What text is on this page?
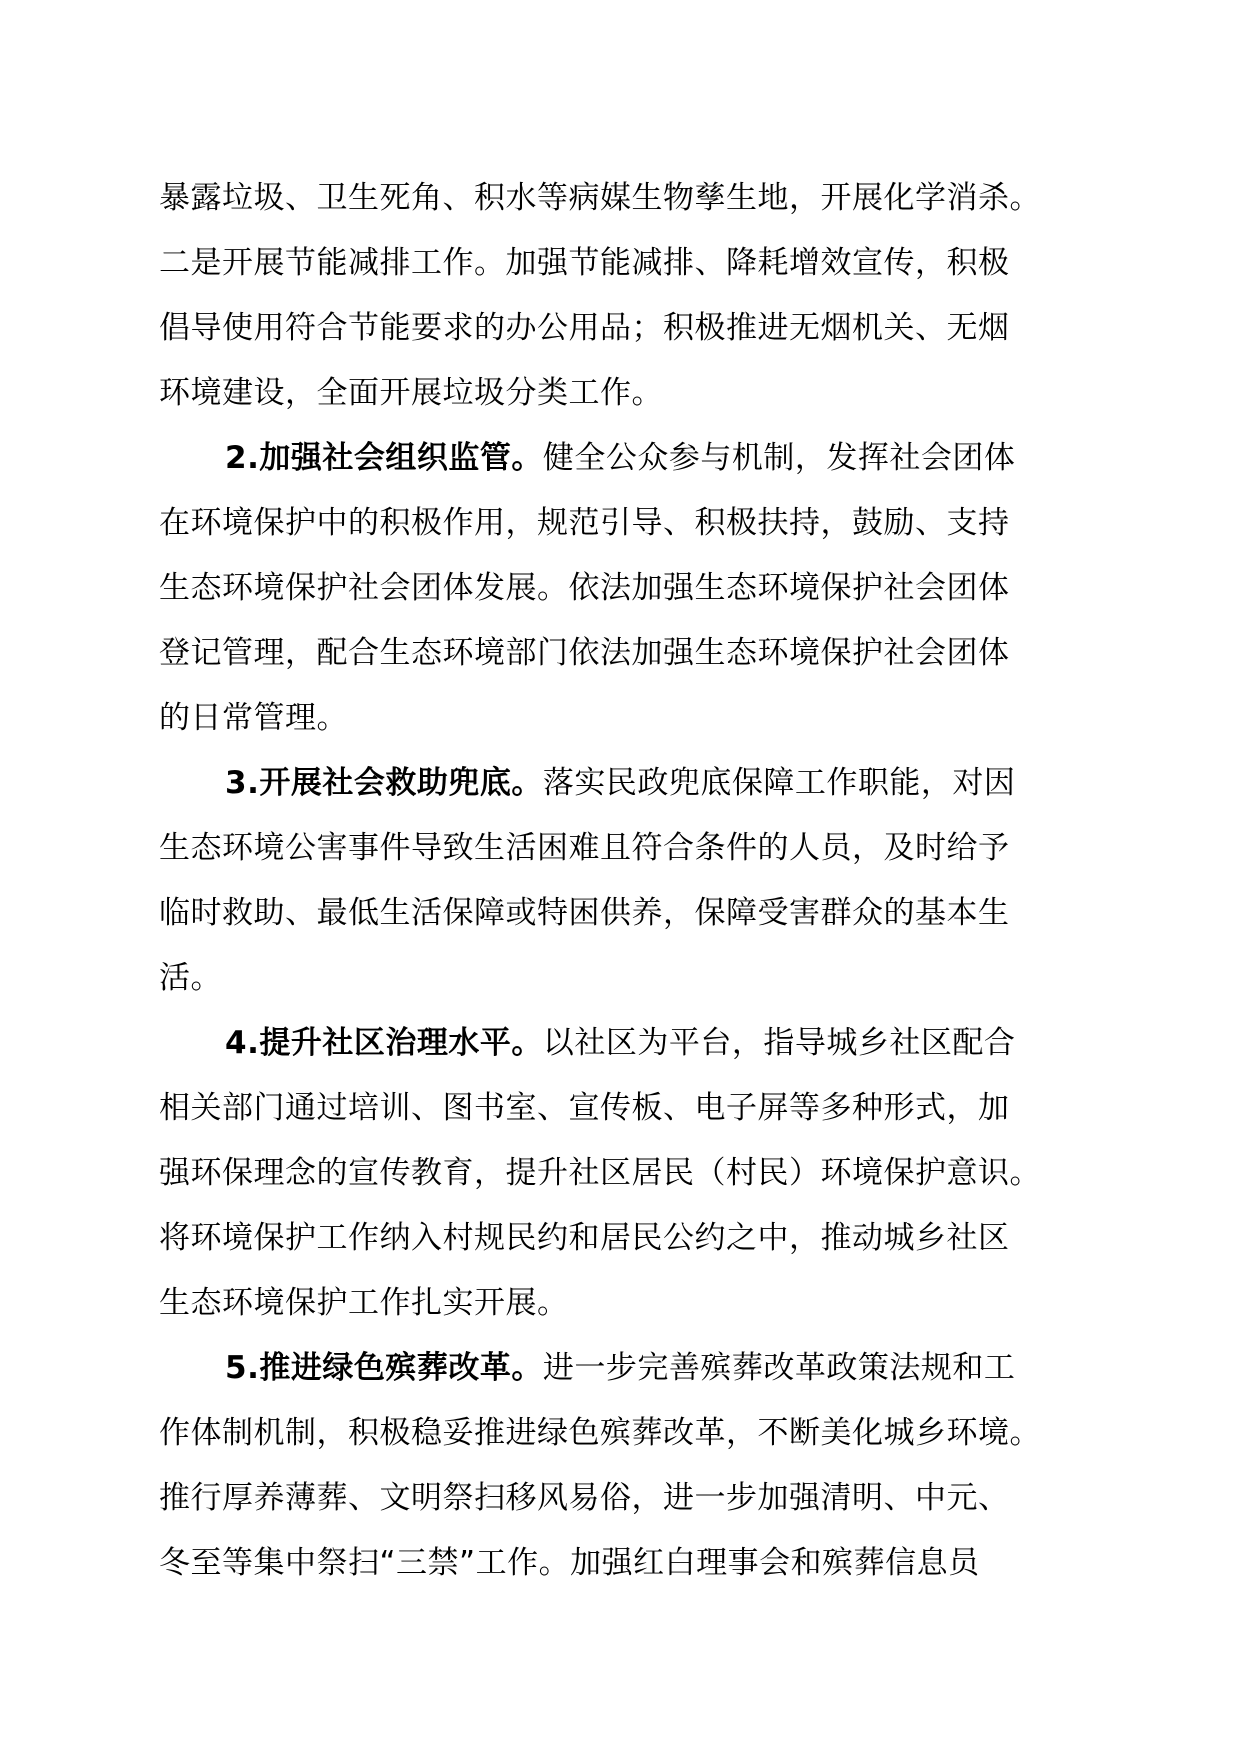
暴露垃圾、卫生死角、积水等病媒生物孳生地，开展化学消杀。
二是开展节能减排工作。加强节能减排、降耗增效宣传，积极
倡导使用符合节能要求的办公用品；积极推进无烟机关、无烟
环境建设，全面开展垃圾分类工作。
2.加强社会组织监管。健全公众参与机制，发挥社会团体
在环境保护中的积极作用，规范引导、积极扶持，鼓励、支持
生态环境保护社会团体发展。依法加强生态环境保护社会团体
登记管理，配合生态环境部门依法加强生态环境保护社会团体
的日常管理。
3.开展社会救助兜底。落实民政兜底保障工作职能，对因
生态环境公害事件导致生活困难且符合条件的人员，及时给予
临时救助、最低生活保障或特困供养，保障受害群众的基本生
活。
4.提升社区治理水平。以社区为平台，指导城乡社区配合
相关部门通过培训、图书室、宣传板、电子屏等多种形式，加
强环保理念的宣传教育，提升社区居民（村民）环境保护意识。
将环境保护工作纳入村规民约和居民公约之中，推动城乡社区
生态环境保护工作扎实开展。
5.推进绿色殡葬改革。进一步完善殡葬改革政策法规和工
作体制机制，积极稳妥推进绿色殡葬改革，不断美化城乡环境。
推行厚养薄葬、文明祭扫移风易俗，进一步加强清明、中元、
冬至等集中祭扫“三禁”工作。加强红白理事会和殡葬信息员
